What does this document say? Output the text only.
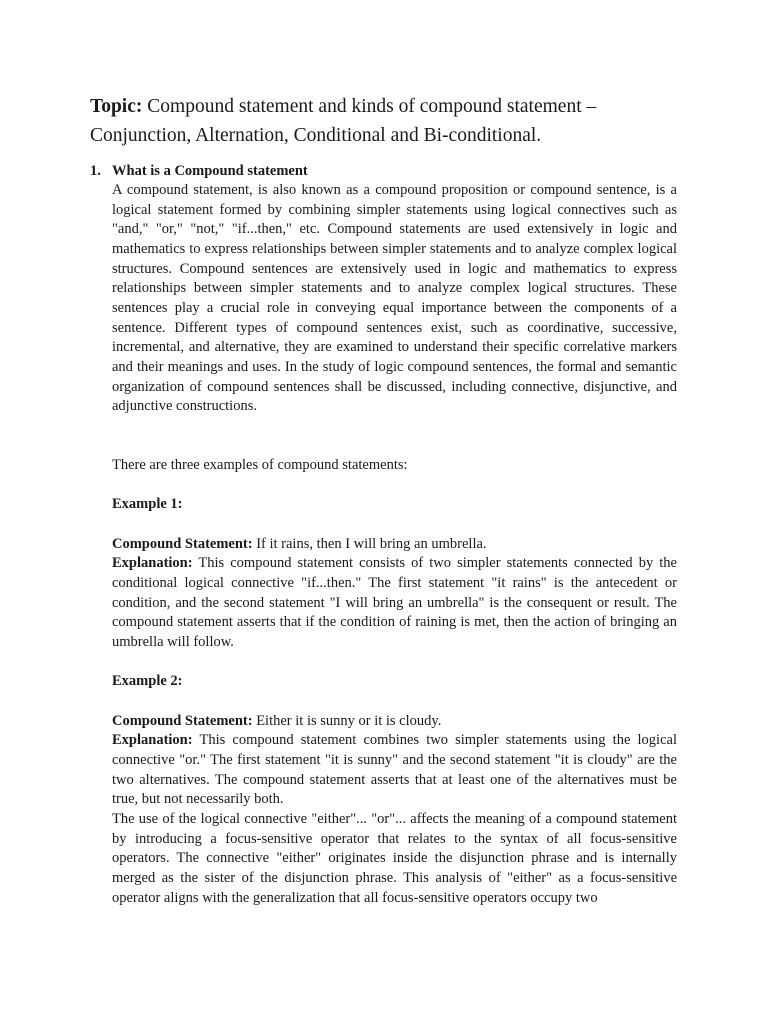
Topic: Compound statement and kinds of compound statement – Conjunction, Alternation, Conditional and Bi-conditional.
1. What is a Compound statement

A compound statement, is also known as a compound proposition or compound sentence, is a logical statement formed by combining simpler statements using logical connectives such as "and," "or," "not," "if...then," etc. Compound statements are used extensively in logic and mathematics to express relationships between simpler statements and to analyze complex logical structures. Compound sentences are extensively used in logic and mathematics to express relationships between simpler statements and to analyze complex logical structures. These sentences play a crucial role in conveying equal importance between the components of a sentence. Different types of compound sentences exist, such as coordinative, successive, incremental, and alternative, they are examined to understand their specific correlative markers and their meanings and uses. In the study of logic compound sentences, the formal and semantic organization of compound sentences shall be discussed, including connective, disjunctive, and adjunctive constructions.

There are three examples of compound statements:

Example 1:

Compound Statement: If it rains, then I will bring an umbrella.

Explanation: This compound statement consists of two simpler statements connected by the conditional logical connective "if...then." The first statement "it rains" is the antecedent or condition, and the second statement "I will bring an umbrella" is the consequent or result. The compound statement asserts that if the condition of raining is met, then the action of bringing an umbrella will follow.

Example 2:

Compound Statement: Either it is sunny or it is cloudy.

Explanation: This compound statement combines two simpler statements using the logical connective "or." The first statement "it is sunny" and the second statement "it is cloudy" are the two alternatives. The compound statement asserts that at least one of the alternatives must be true, but not necessarily both.

The use of the logical connective "either"... "or"... affects the meaning of a compound statement by introducing a focus-sensitive operator that relates to the syntax of all focus-sensitive operators. The connective "either" originates inside the disjunction phrase and is internally merged as the sister of the disjunction phrase. This analysis of "either" as a focus-sensitive operator aligns with the generalization that all focus-sensitive operators occupy two
